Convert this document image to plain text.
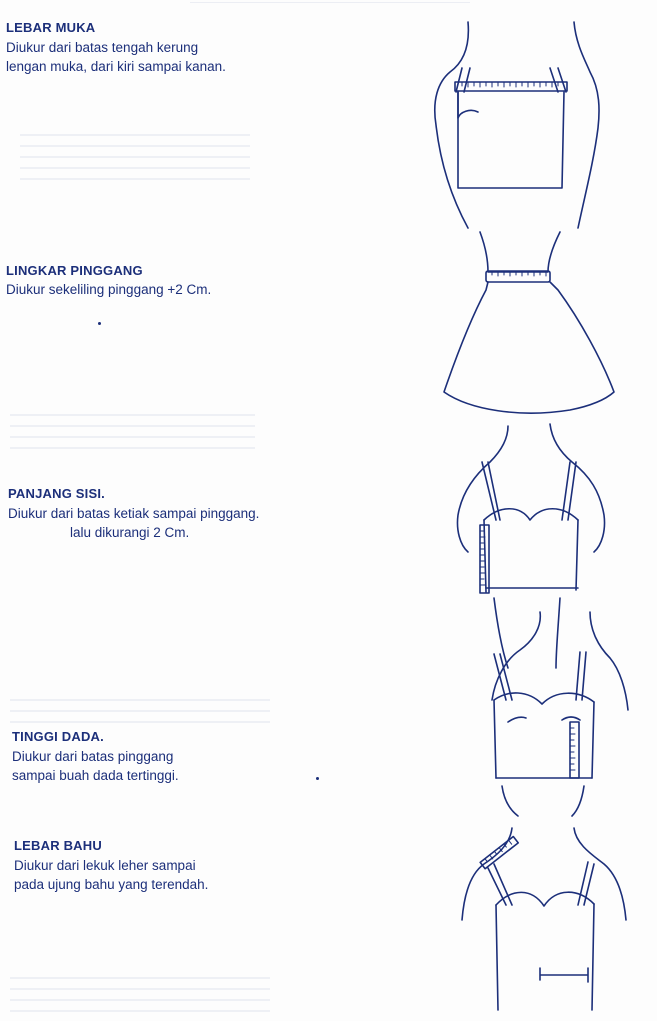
LEBAR MUKA
Diukur dari batas tengah kerung
lengan muka, dari kiri sampai kanan.
LINGKAR PINGGANG
Diukur sekeliling pinggang +2 Cm.
PANJANG SISI.
Diukur dari batas ketiak sampai pinggang.
lalu dikurangi 2 Cm.
TINGGI DADA.
Diukur dari batas pinggang
sampai buah dada tertinggi.
LEBAR BAHU
Diukur dari lekuk leher sampai
pada ujung bahu yang terendah.
